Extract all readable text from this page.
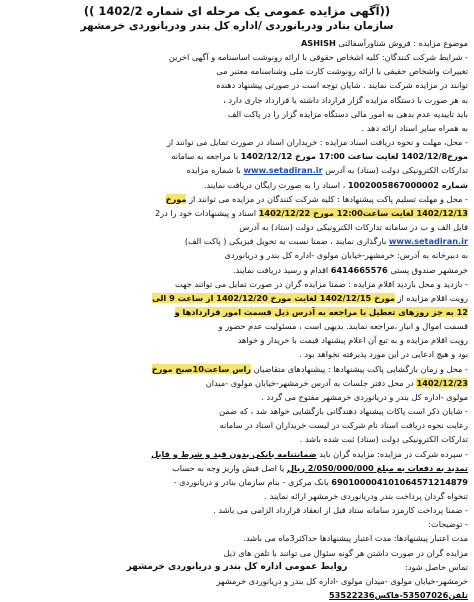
((آگهی مزایده عمومی یک مرحله ای شماره 1402/2 ))
سازمان بنادر ودریانوردی /اداره کل بندر ودریانوردی خرمشهر
موضوع مزایده : فروش شناورآسفالتی ASHISH
- شرایط شرکت کنندگان: کلیه اشخاص حقوقی با ارائه رونوشت اساسنامه و آگهی اخرین
تغییرات واشخاص حقیقی با ارائه رونوشت کارت ملی وشناسنامه معتبر می
توانند در مزایده شرکت نمایند . شایان توجه است در صورتی پیشنهاد دهنده
به هر صورت با دستگاه مزایده گزار قرارداد داشته یا قرارداد جاری دارد ،
باید تاییدیه عدم بدهی به امور مالی دستگاه مزایده گزار را در پاکت الف
به همراه سایر اسناد ارائه دهد .
- محل، مهلت و نحوه دریافت اسناد مزایده : خریداران اسناد در صورت تمایل می توانند از
مورخ1402/12/8 لغایت ساعت 17:00 مورخ 1402/12/12 با مراجعه به سامانه
تدارکات الکترونیکی دولت (ستاد) به آدرس www.setadiran.ir با شماره مزایده
شماره 1002005867000002 ، اسناد را به صورت رایگان دریافت نمایند.
- محل و مهلت تسلیم پاکت پیشنهادها : کلیه شرکت کنندگان در مزایده می توانند از مورخ
1402/12/13 لغایت ساعت12:00 مورخ 1402/12/22 اسناد و پیشنهادات خود را در2
فایل الف و ب در سامانه تدارکات الکترونیکی دولت (ستاد) به آدرس
www.setadiran.ir بارگذاری نمایند ، ضمنا نسبت به تحویل فیزیکی ( پاکت الف)
به دبیرخانه به آدرس: خرمشهر-خیابان مولوی -اداره کل بندر و دریانوردی
خرمشهر صندوق پستی 6414665576 اقدام و رسید دریافت نمایند.
- بازدید و محل بازدید اقلام مزایده : ضمنا مزایده گران در صورت تمایل می توانند جهت
رویت اقلام مزایده از مورخ 1402/12/15 لغایت مورخ 1402/12/20 از ساعت 9 الی
12 به جز روزهای تعطیل با مراجعه به آدرس ذیل قسمت امور قراردادها و
قسمت اموال و انبار ،مراجعه نمایند. بدیهی است ، مسئولیت عدم حضور و
رویت اقلام مزایده و به تبع آن اعلام پیشنهاد قیمت با خریدار و خواهد
بود و هیچ ادعایی در این مورد پذیرفته نخواهد بود .
- محل و زمان بازگشایی پاکت پیشنهادها : پیشنهادهای متقاضیان راس ساعت10صبح مورخ
1402/12/23 در محل دفتر جلسات به آدرس خرمشهر-خیابان مولوی -میدان
مولوی -اداره کل بندر و دریانوردی خرمشهر مفتوح می گردد .
- شایان ذکر است پاکات پیشنهاد دهندگانی بازگشایی خواهد شد ، که ضمن
رعایت نحوه دریافت اسناد نام شرکت در لیست خریداران اسناد در سامانه
تدارکات الکترونیکی دولت (ستاد) ثبت شده باشد .
- سپرده شرکت در مزایده: مزایده گران باید ضمانتنامه بانکی بدون قید و شرط و قابل
تمدید به دفعات به مبلغ 2/050/000/000 ریال یا اصل فیش واریز وجه به حساب
690100004101064571214879 بانک مرکزی - بنام سازمان بنادر و دریانوردی -
تنخواه گردان پرداخت بندر ودریانوردی خرمشهر ارائه نمایند .
- ضمنا پرداخت کارمزد سامانه ستاد قبل از انعقاد قرارداد الزامی می باشد .
- توضیحات:
مدت اعتبار پیشنهادها: مدت اعتبار پیشنهادها حداکثر3ماه می باشد.
مزایده گران در صورت داشتن هر گونه سئوال می توانند با تلفن های ذیل
تماس حاصل شود:
خرمشهر-خیابان مولوی -میدان مولوی -اداره کل بندر و دریانوردی خرمشهر
تلفن53507026-فاکس53522236
روابط عمومی اداره کل بندر و دریانوردی خرمشهر
